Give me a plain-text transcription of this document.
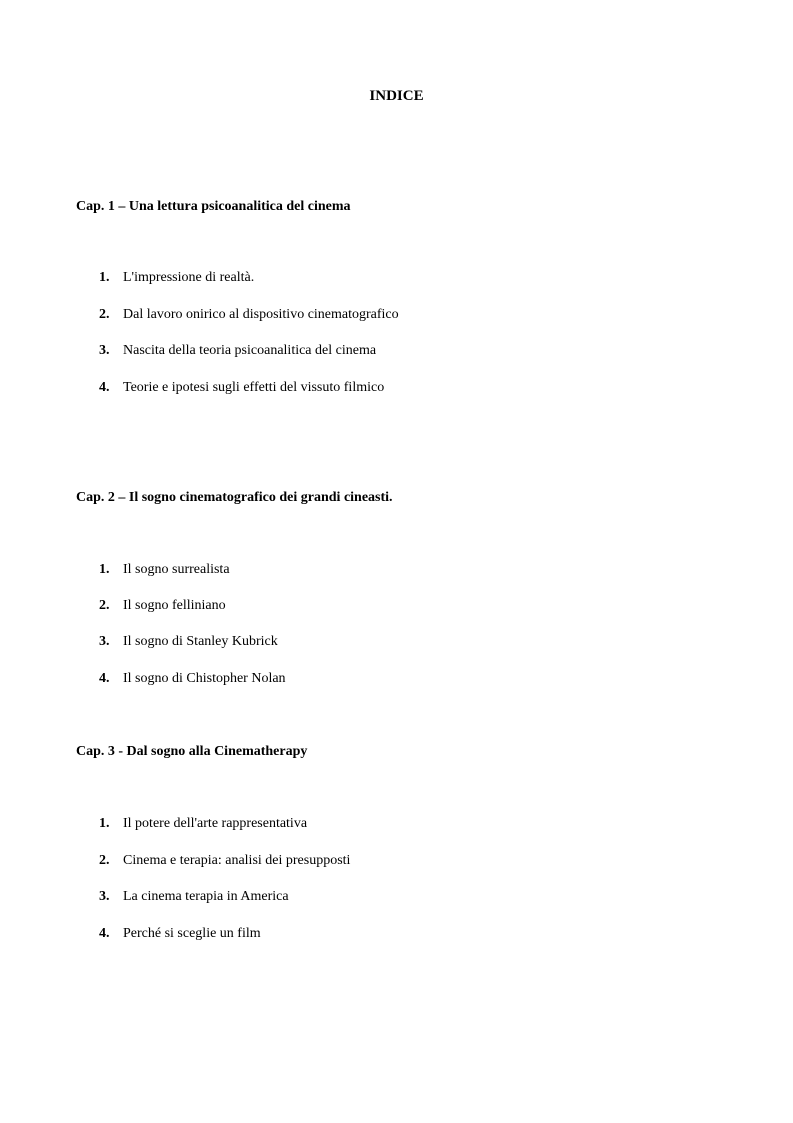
INDICE
Cap. 1 – Una lettura psicoanalitica del cinema
1. L'impressione di realtà.
2. Dal lavoro onirico al dispositivo cinematografico
3. Nascita della teoria psicoanalitica del cinema
4. Teorie e ipotesi sugli effetti del vissuto filmico
Cap. 2 – Il sogno cinematografico dei grandi cineasti.
1. Il sogno surrealista
2. Il sogno felliniano
3. Il sogno di Stanley Kubrick
4. Il sogno di Chistopher Nolan
Cap. 3 - Dal sogno alla Cinematherapy
1. Il potere dell'arte rappresentativa
2. Cinema e terapia: analisi dei presupposti
3. La cinema terapia in America
4. Perché si sceglie un film
